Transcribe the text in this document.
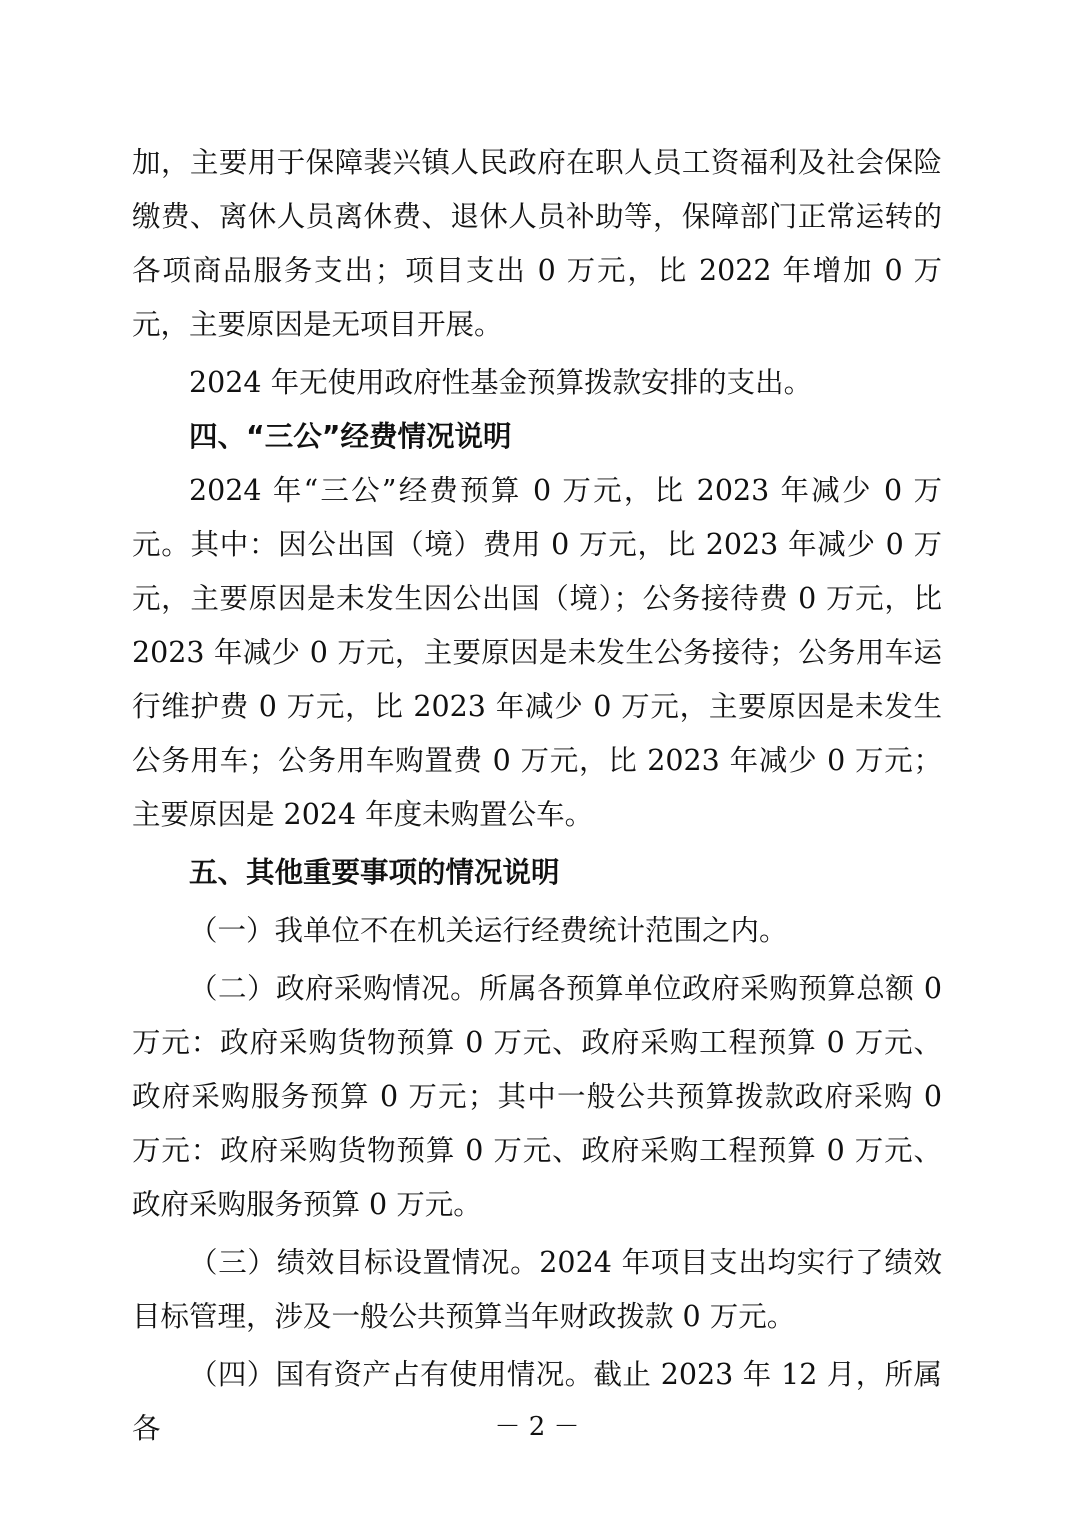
加，主要用于保障裴兴镇人民政府在职人员工资福利及社会保险缴费、离休人员离休费、退休人员补助等，保障部门正常运转的各项商品服务支出；项目支出 0 万元，比 2022 年增加 0 万元，主要原因是无项目开展。

2024 年无使用政府性基金预算拨款安排的支出。

四、“三公”经费情况说明

2024 年“三公”经费预算 0 万元，比 2023 年减少 0 万元。其中：因公出国（境）费用 0 万元，比 2023 年减少 0 万元，主要原因是未发生因公出国（境）；公务接待费 0 万元，比 2023 年减少 0 万元，主要原因是未发生公务接待；公务用车运行维护费 0 万元，比 2023 年减少 0 万元，主要原因是未发生公务用车；公务用车购置费 0 万元，比 2023 年减少 0 万元；主要原因是 2024 年度未购置公车。

五、其他重要事项的情况说明

（一）我单位不在机关运行经费统计范围之内。

（二）政府采购情况。所属各预算单位政府采购预算总额 0 万元：政府采购货物预算 0 万元、政府采购工程预算 0 万元、政府采购服务预算 0 万元；其中一般公共预算拨款政府采购 0 万元：政府采购货物预算 0 万元、政府采购工程预算 0 万元、政府采购服务预算 0 万元。

（三）绩效目标设置情况。2024 年项目支出均实行了绩效目标管理，涉及一般公共预算当年财政拨款 0 万元。

（四）国有资产占有使用情况。截止 2023 年 12 月，所属各	－ 2 －
